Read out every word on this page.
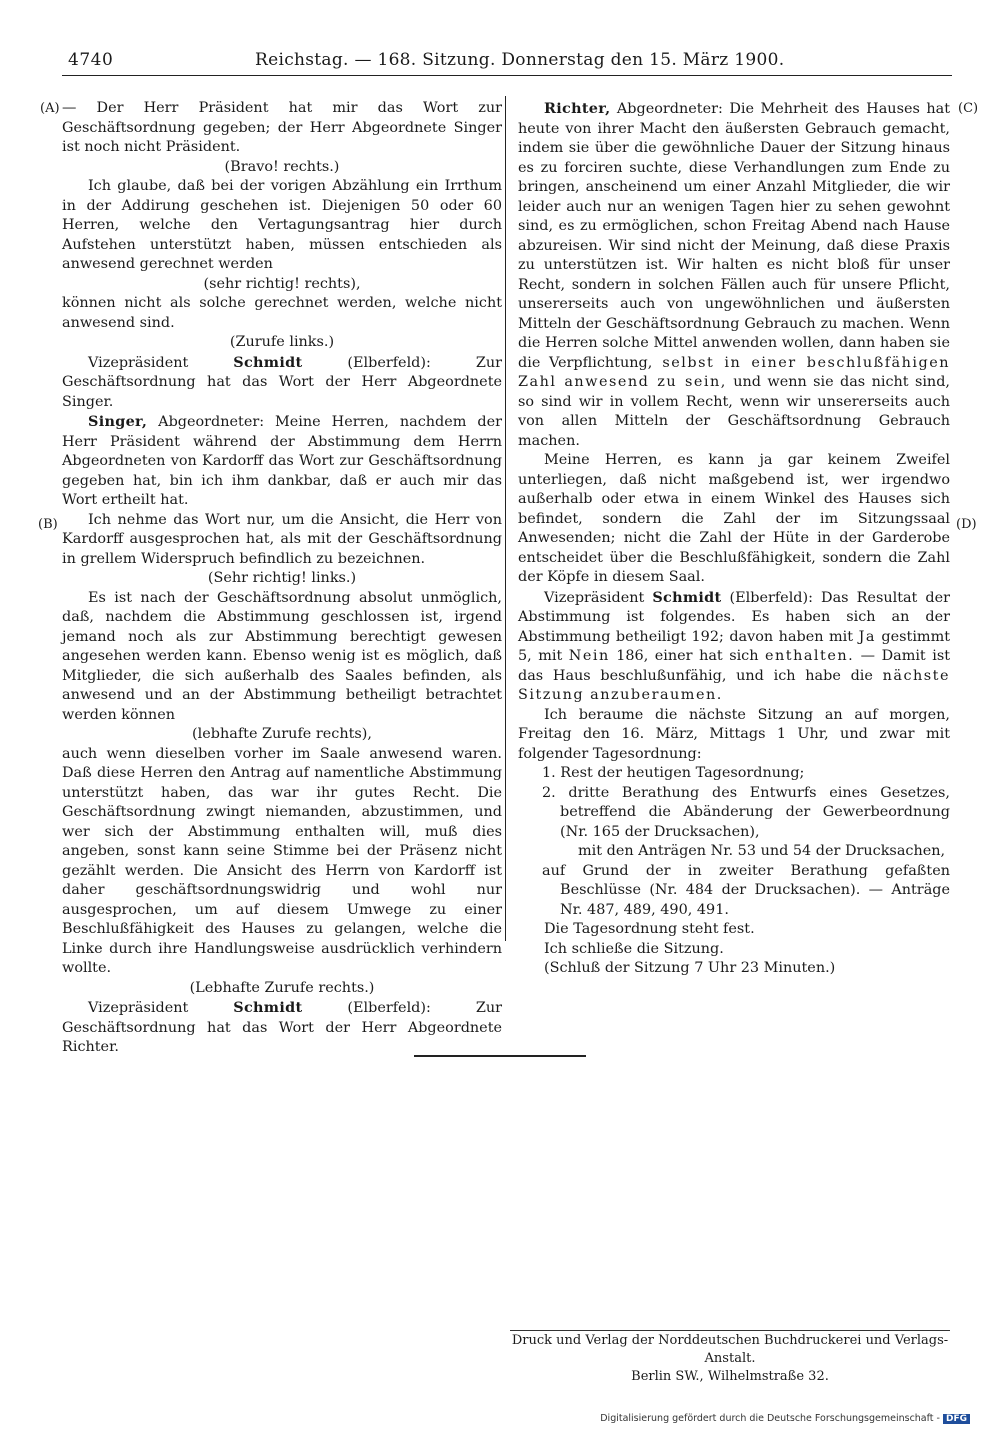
4740	Reichstag. — 168. Sitzung. Donnerstag den 15. März 1900.
(A)
(B)
(C)
(D)

— Der Herr Präsident hat mir das Wort zur Geschäftsordnung gegeben; der Herr Abgeordnete Singer ist noch nicht Präsident.

(Bravo! rechts.)

Ich glaube, daß bei der vorigen Abzählung ein Irrthum in der Addirung geschehen ist. Diejenigen 50 oder 60 Herren, welche den Vertagungsantrag hier durch Aufstehen unterstützt haben, müssen entschieden als anwesend gerechnet werden

(sehr richtig! rechts),

können nicht als solche gerechnet werden, welche nicht anwesend sind.

(Zurufe links.)

Vizepräsident Schmidt (Elberfeld): Zur Geschäftsordnung hat das Wort der Herr Abgeordnete Singer.

Singer, Abgeordneter: Meine Herren, nachdem der Herr Präsident während der Abstimmung dem Herrn Abgeordneten von Kardorff das Wort zur Geschäftsordnung gegeben hat, bin ich ihm dankbar, daß er auch mir das Wort ertheilt hat.

Ich nehme das Wort nur, um die Ansicht, die Herr von Kardorff ausgesprochen hat, als mit der Geschäftsordnung in grellem Widerspruch befindlich zu bezeichnen.

(Sehr richtig! links.)

Es ist nach der Geschäftsordnung absolut unmöglich, daß, nachdem die Abstimmung geschlossen ist, irgend jemand noch als zur Abstimmung berechtigt gewesen angesehen werden kann. Ebenso wenig ist es möglich, daß Mitglieder, die sich außerhalb des Saales befinden, als anwesend und an der Abstimmung betheiligt betrachtet werden können

(lebhafte Zurufe rechts),

auch wenn dieselben vorher im Saale anwesend waren. Daß diese Herren den Antrag auf namentliche Abstimmung unterstützt haben, das war ihr gutes Recht. Die Geschäftsordnung zwingt niemanden, abzustimmen, und wer sich der Abstimmung enthalten will, muß dies angeben, sonst kann seine Stimme bei der Präsenz nicht gezählt werden. Die Ansicht des Herrn von Kardorff ist daher geschäftsordnungswidrig und wohl nur ausgesprochen, um auf diesem Umwege zu einer Beschlußfähigkeit des Hauses zu gelangen, welche die Linke durch ihre Handlungsweise ausdrücklich verhindern wollte.

(Lebhafte Zurufe rechts.)

Vizepräsident Schmidt (Elberfeld): Zur Geschäftsordnung hat das Wort der Herr Abgeordnete Richter.

Richter, Abgeordneter: Die Mehrheit des Hauses hat heute von ihrer Macht den äußersten Gebrauch gemacht, indem sie über die gewöhnliche Dauer der Sitzung hinaus es zu forciren suchte, diese Verhandlungen zum Ende zu bringen, anscheinend um einer Anzahl Mitglieder, die wir leider auch nur an wenigen Tagen hier zu sehen gewohnt sind, es zu ermöglichen, schon Freitag Abend nach Hause abzureisen. Wir sind nicht der Meinung, daß diese Praxis zu unterstützen ist. Wir halten es nicht bloß für unser Recht, sondern in solchen Fällen auch für unsere Pflicht, unsererseits auch von ungewöhnlichen und äußersten Mitteln der Geschäftsordnung Gebrauch zu machen. Wenn die Herren solche Mittel anwenden wollen, dann haben sie die Verpflichtung, selbst in einer beschlußfähigen Zahl anwesend zu sein, und wenn sie das nicht sind, so sind wir in vollem Recht, wenn wir unsererseits auch von allen Mitteln der Geschäftsordnung Gebrauch machen.

Meine Herren, es kann ja gar keinem Zweifel unterliegen, daß nicht maßgebend ist, wer irgendwo außerhalb oder etwa in einem Winkel des Hauses sich befindet, sondern die Zahl der im Sitzungssaal Anwesenden; nicht die Zahl der Hüte in der Garderobe entscheidet über die Beschlußfähigkeit, sondern die Zahl der Köpfe in diesem Saal.

Vizepräsident Schmidt (Elberfeld): Das Resultat der Abstimmung ist folgendes. Es haben sich an der Abstimmung betheiligt 192; davon haben mit Ja gestimmt 5, mit Nein 186, einer hat sich enthalten. — Damit ist das Haus beschlußunfähig, und ich habe die nächste Sitzung anzuberaumen.

Ich beraume die nächste Sitzung an auf morgen, Freitag den 16. März, Mittags 1 Uhr, und zwar mit folgender Tagesordnung:

1. Rest der heutigen Tagesordnung;
2. dritte Berathung des Entwurfs eines Gesetzes, betreffend die Abänderung der Gewerbeordnung (Nr. 165 der Drucksachen),
mit den Anträgen Nr. 53 und 54 der Drucksachen,
auf Grund der in zweiter Berathung gefaßten Beschlüsse (Nr. 484 der Drucksachen). — Anträge Nr. 487, 489, 490, 491.

Die Tagesordnung steht fest.

Ich schließe die Sitzung.

(Schluß der Sitzung 7 Uhr 23 Minuten.)

Druck und Verlag der Norddeutschen Buchdruckerei und Verlags-Anstalt.
Berlin SW., Wilhelmstraße 32.
Digitalisierung gefördert durch die Deutsche Forschungsgemeinschaft - DFG
